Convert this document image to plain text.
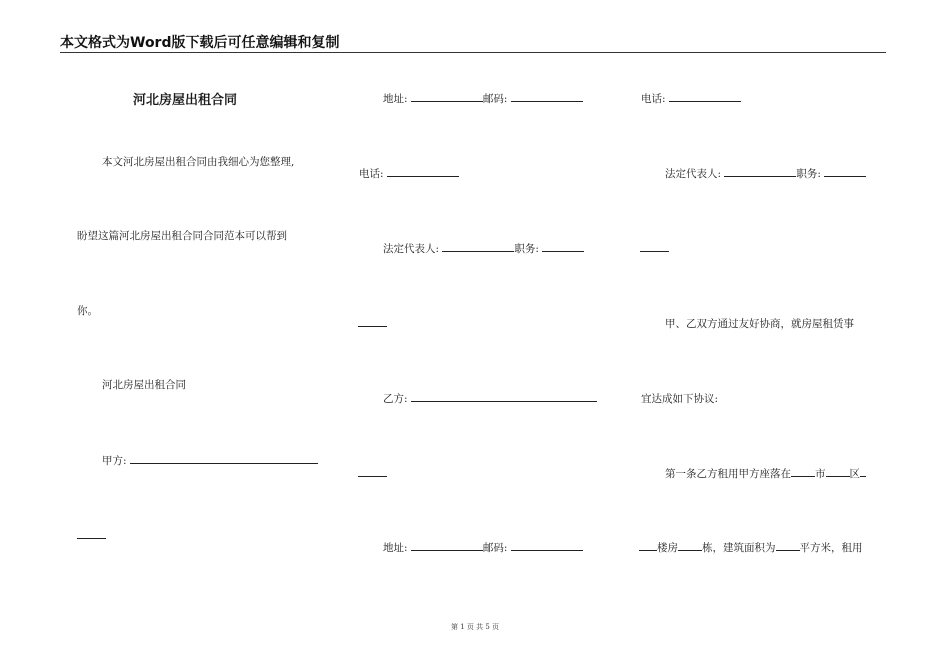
本文格式为Word版下载后可任意编辑和复制
河北房屋出租合同
本文河北房屋出租合同由我细心为您整理,
盼望这篇河北房屋出租合同合同范本可以帮到
你。
河北房屋出租合同
甲方:
地址:	邮码:
电话:
法定代表人:	职务:
乙方:
地址:	邮码:
电话:
法定代表人:	职务:
甲、乙双方通过友好协商，就房屋租赁事
宜达成如下协议:
第一条乙方租用甲方座落在 市 区
楼房 栋，建筑面积为 平方米，租用
第 1 页 共 5 页
